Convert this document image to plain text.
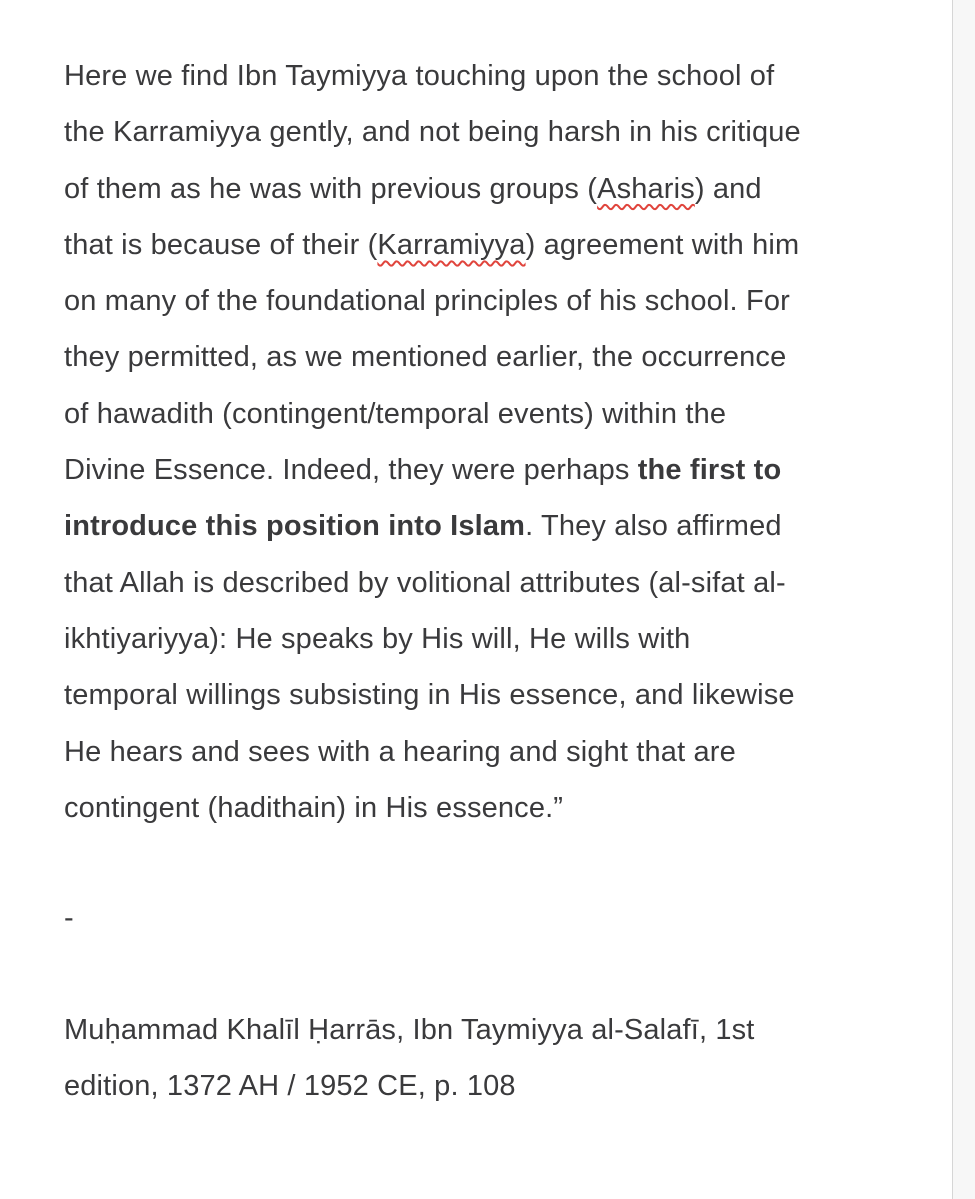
Here we find Ibn Taymiyya touching upon the school of
the Karramiyya gently, and not being harsh in his critique
of them as he was with previous groups (Asharis) and
that is because of their (Karramiyya) agreement with him
on many of the foundational principles of his school. For
they permitted, as we mentioned earlier, the occurrence
of hawadith (contingent/temporal events) within the
Divine Essence. Indeed, they were perhaps the first to
introduce this position into Islam. They also affirmed
that Allah is described by volitional attributes (al-sifat al-
ikhtiyariyya): He speaks by His will, He wills with
temporal willings subsisting in His essence, and likewise
He hears and sees with a hearing and sight that are
contingent (hadithain) in His essence.”
-
Muḥammad Khalīl Ḥarrās, Ibn Taymiyya al-Salafī, 1st
edition, 1372 AH / 1952 CE, p. 108
